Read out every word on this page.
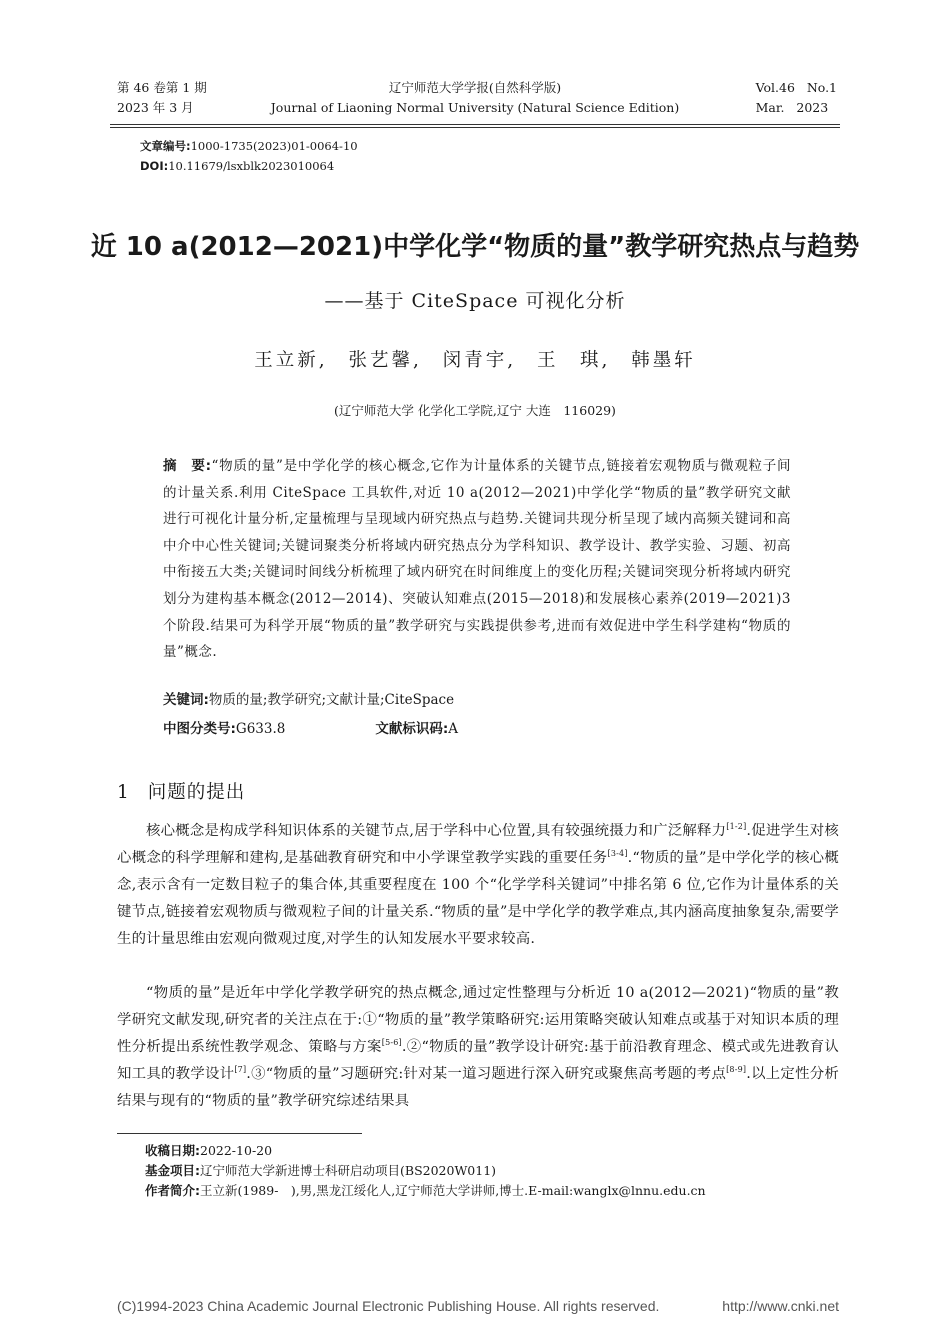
第 46 卷第 1 期
2023 年 3 月
辽宁师范大学学报(自然科学版)
Journal of Liaoning Normal University (Natural Science Edition)
Vol.46   No.1
Mar.   2023
文章编号:1000-1735(2023)01-0064-10
DOI:10.11679/lsxblk2023010064
近 10 a(2012—2021)中学化学“物质的量”教学研究热点与趋势
——基于 CiteSpace 可视化分析
王立新, 张艺馨, 闵青宇, 王　琪, 韩墨轩
(辽宁师范大学 化学化工学院,辽宁 大连　116029)
摘　要:“物质的量”是中学化学的核心概念,它作为计量体系的关键节点,链接着宏观物质与微观粒子间的计量关系.利用 CiteSpace 工具软件,对近 10 a(2012—2021)中学化学“物质的量”教学研究文献进行可视化计量分析,定量梳理与呈现域内研究热点与趋势.关键词共现分析呈现了域内高频关键词和高中介中心性关键词;关键词聚类分析将域内研究热点分为学科知识、教学设计、教学实验、习题、初高中衔接五大类;关键词时间线分析梳理了域内研究在时间维度上的变化历程;关键词突现分析将域内研究划分为建构基本概念(2012—2014)、突破认知难点(2015—2018)和发展核心素养(2019—2021)3 个阶段.结果可为科学开展“物质的量”教学研究与实践提供参考,进而有效促进中学生科学建构“物质的量”概念.
关键词:物质的量;教学研究;文献计量;CiteSpace
中图分类号:G633.8	文献标识码:A
1 问题的提出
核心概念是构成学科知识体系的关键节点,居于学科中心位置,具有较强统摄力和广泛解释力[1-2].促进学生对核心概念的科学理解和建构,是基础教育研究和中小学课堂教学实践的重要任务[3-4].“物质的量”是中学化学的核心概念,表示含有一定数目粒子的集合体,其重要程度在 100 个“化学学科关键词”中排名第 6 位,它作为计量体系的关键节点,链接着宏观物质与微观粒子间的计量关系.“物质的量”是中学化学的教学难点,其内涵高度抽象复杂,需要学生的计量思维由宏观向微观过度,对学生的认知发展水平要求较高.
“物质的量”是近年中学化学教学研究的热点概念,通过定性整理与分析近 10 a(2012—2021)“物质的量”教学研究文献发现,研究者的关注点在于:①“物质的量”教学策略研究:运用策略突破认知难点或基于对知识本质的理性分析提出系统性教学观念、策略与方案[5-6].②“物质的量”教学设计研究:基于前沿教育理念、模式或先进教育认知工具的教学设计[7].③“物质的量”习题研究:针对某一道习题进行深入研究或聚焦高考题的考点[8-9].以上定性分析结果与现有的“物质的量”教学研究综述结果具
收稿日期:2022-10-20
基金项目:辽宁师范大学新进博士科研启动项目(BS2020W011)
作者简介:王立新(1989-　),男,黑龙江绥化人,辽宁师范大学讲师,博士.E-mail:wanglx@lnnu.edu.cn
(C)1994-2023 China Academic Journal Electronic Publishing House. All rights reserved.	http://www.cnki.net
